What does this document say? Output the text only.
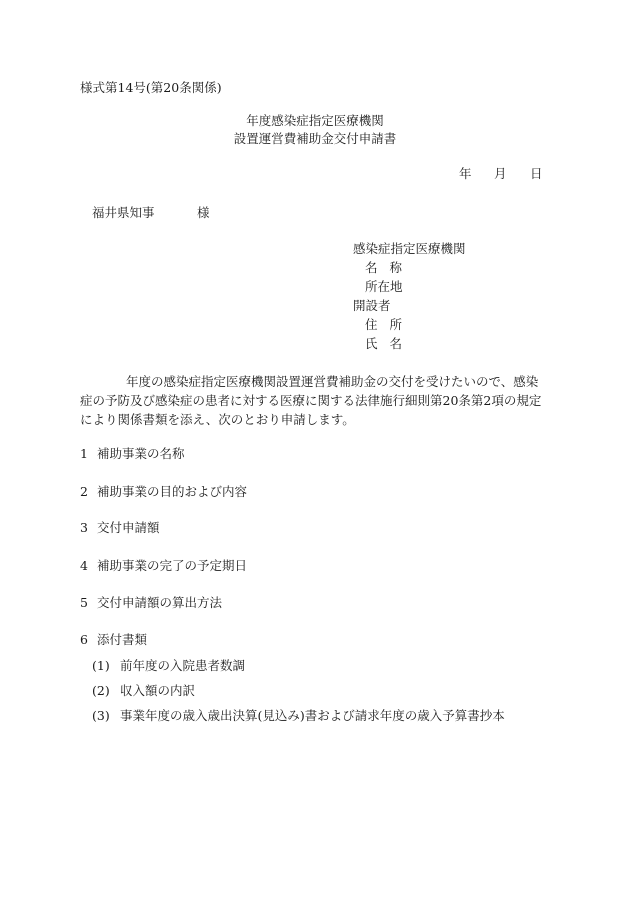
様式第14号(第20条関係)
年度感染症指定医療機関
設置運営費補助金交付申請書
年 月 日
福井県知事	様
感染症指定医療機関
名称
所在地
開設者
住所
氏名
年度の感染症指定医療機関設置運営費補助金の交付を受けたいので、感染症の予防及び感染症の患者に対する医療に関する法律施行細則第20条第2項の規定により関係書類を添え、次のとおり申請します。
1 補助事業の名称
2 補助事業の目的および内容
3 交付申請額
4 補助事業の完了の予定期日
5 交付申請額の算出方法
6 添付書類
(1) 前年度の入院患者数調
(2) 収入額の内訳
(3) 事業年度の歳入歳出決算(見込み)書および請求年度の歳入予算書抄本
